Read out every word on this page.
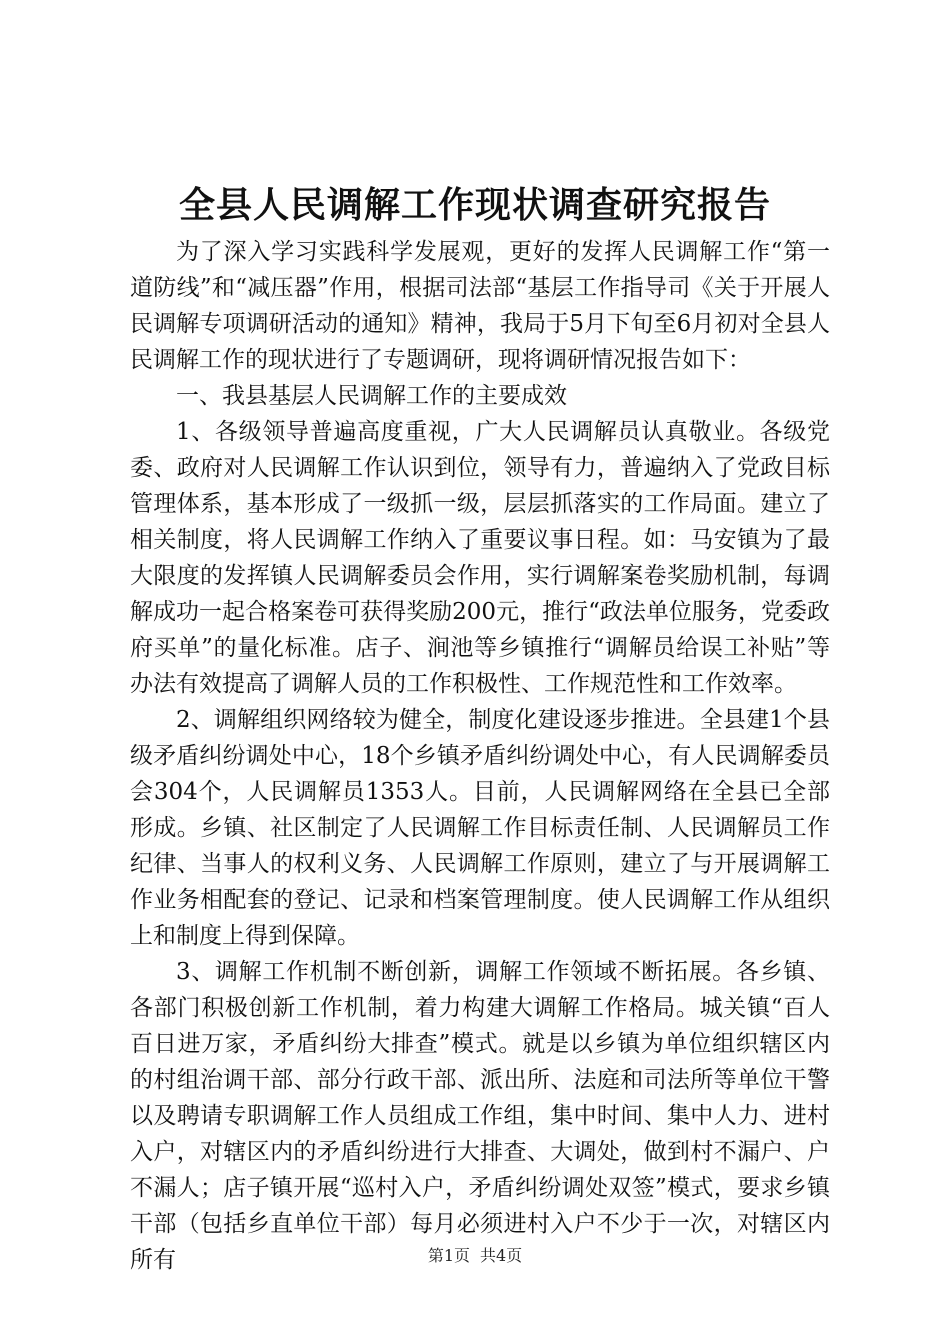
全县人民调解工作现状调查研究报告

为了深入学习实践科学发展观，更好的发挥人民调解工作“第一道防线”和“减压器”作用，根据司法部“基层工作指导司《关于开展人民调解专项调研活动的通知》精神，我局于5月下旬至6月初对全县人民调解工作的现状进行了专题调研，现将调研情况报告如下：

一、我县基层人民调解工作的主要成效

1、各级领导普遍高度重视，广大人民调解员认真敬业。各级党委、政府对人民调解工作认识到位，领导有力，普遍纳入了党政目标管理体系，基本形成了一级抓一级，层层抓落实的工作局面。建立了相关制度，将人民调解工作纳入了重要议事日程。如：马安镇为了最大限度的发挥镇人民调解委员会作用，实行调解案卷奖励机制，每调解成功一起合格案卷可获得奖励200元，推行“政法单位服务，党委政府买单”的量化标准。店子、涧池等乡镇推行“调解员给误工补贴”等办法有效提高了调解人员的工作积极性、工作规范性和工作效率。

2、调解组织网络较为健全，制度化建设逐步推进。全县建1个县级矛盾纠纷调处中心，18个乡镇矛盾纠纷调处中心，有人民调解委员会304个，人民调解员1353人。目前，人民调解网络在全县已全部形成。乡镇、社区制定了人民调解工作目标责任制、人民调解员工作纪律、当事人的权利义务、人民调解工作原则，建立了与开展调解工作业务相配套的登记、记录和档案管理制度。使人民调解工作从组织上和制度上得到保障。

3、调解工作机制不断创新，调解工作领域不断拓展。各乡镇、各部门积极创新工作机制，着力构建大调解工作格局。城关镇“百人百日进万家，矛盾纠纷大排查”模式。就是以乡镇为单位组织辖区内的村组治调干部、部分行政干部、派出所、法庭和司法所等单位干警以及聘请专职调解工作人员组成工作组，集中时间、集中人力、进村入户，对辖区内的矛盾纠纷进行大排查、大调处，做到村不漏户、户不漏人；店子镇开展“巡村入户，矛盾纠纷调处双签”模式，要求乡镇干部（包括乡直单位干部）每月必须进村入户不少于一次，对辖区内所有	第1页 共4页
